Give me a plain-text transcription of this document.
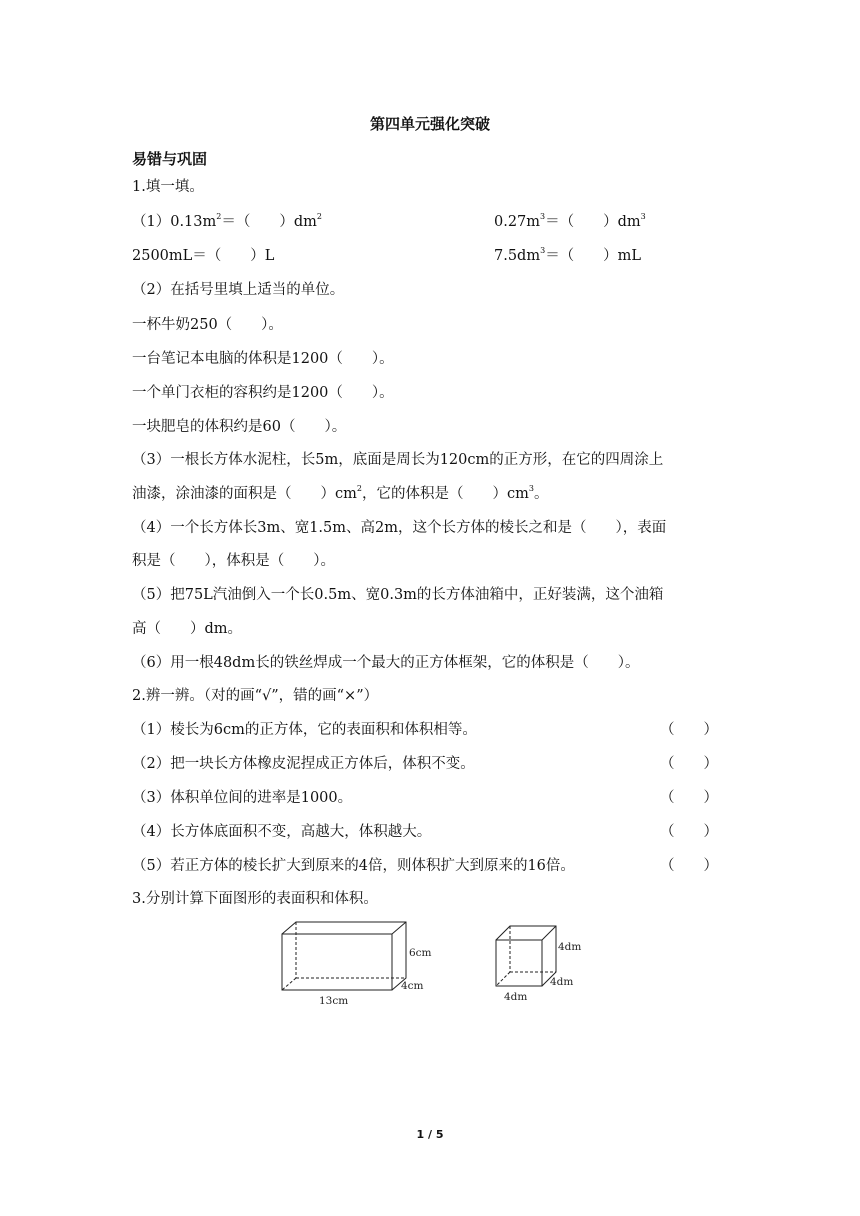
第四单元强化突破
易错与巩固
1.填一填。
$(1)0.13m^2=$（　　）$dm^2$	$0.27m^3=$（　　）$dm^3$
2500mL＝（　　）L	$7.5dm^3=$（　　）mL
（2）在括号里填上适当的单位。
一杯牛奶250（　　）。
一台笔记本电脑的体积是1200（　　）。
一个单门衣柜的容积约是1200（　　）。
一块肥皂的体积约是60（　　）。
（3）一根长方体水泥柱，长5m，底面是周长为120cm的正方形，在它的四周涂上
油漆，涂油漆的面积是（　　）$cm^2$，它的体积是（　　）$cm^3$。
（4）一个长方体长3m、宽1.5m、高2m，这个长方体的棱长之和是（　　），表面
积是（　　），体积是（　　）。
（5）把75L汽油倒入一个长0.5m、宽0.3m的长方体油箱中，正好装满，这个油箱
高（　　）dm。
（6）用一根48dm长的铁丝焊成一个最大的正方体框架，它的体积是（　　）。
2.辨一辨。（对的画“√”，错的画“×”）
（1）棱长为6cm的正方体，它的表面积和体积相等。	（　　）
（2）把一块长方体橡皮泥捏成正方体后，体积不变。	（　　）
（3）体积单位间的进率是1000。	（　　）
（4）长方体底面积不变，高越大，体积越大。	（　　）
（5）若正方体的棱长扩大到原来的4倍，则体积扩大到原来的16倍。	（　　）
3.分别计算下面图形的表面积和体积。
6cm
4cm
13cm
4dm
4dm
4dm
1 / 5
